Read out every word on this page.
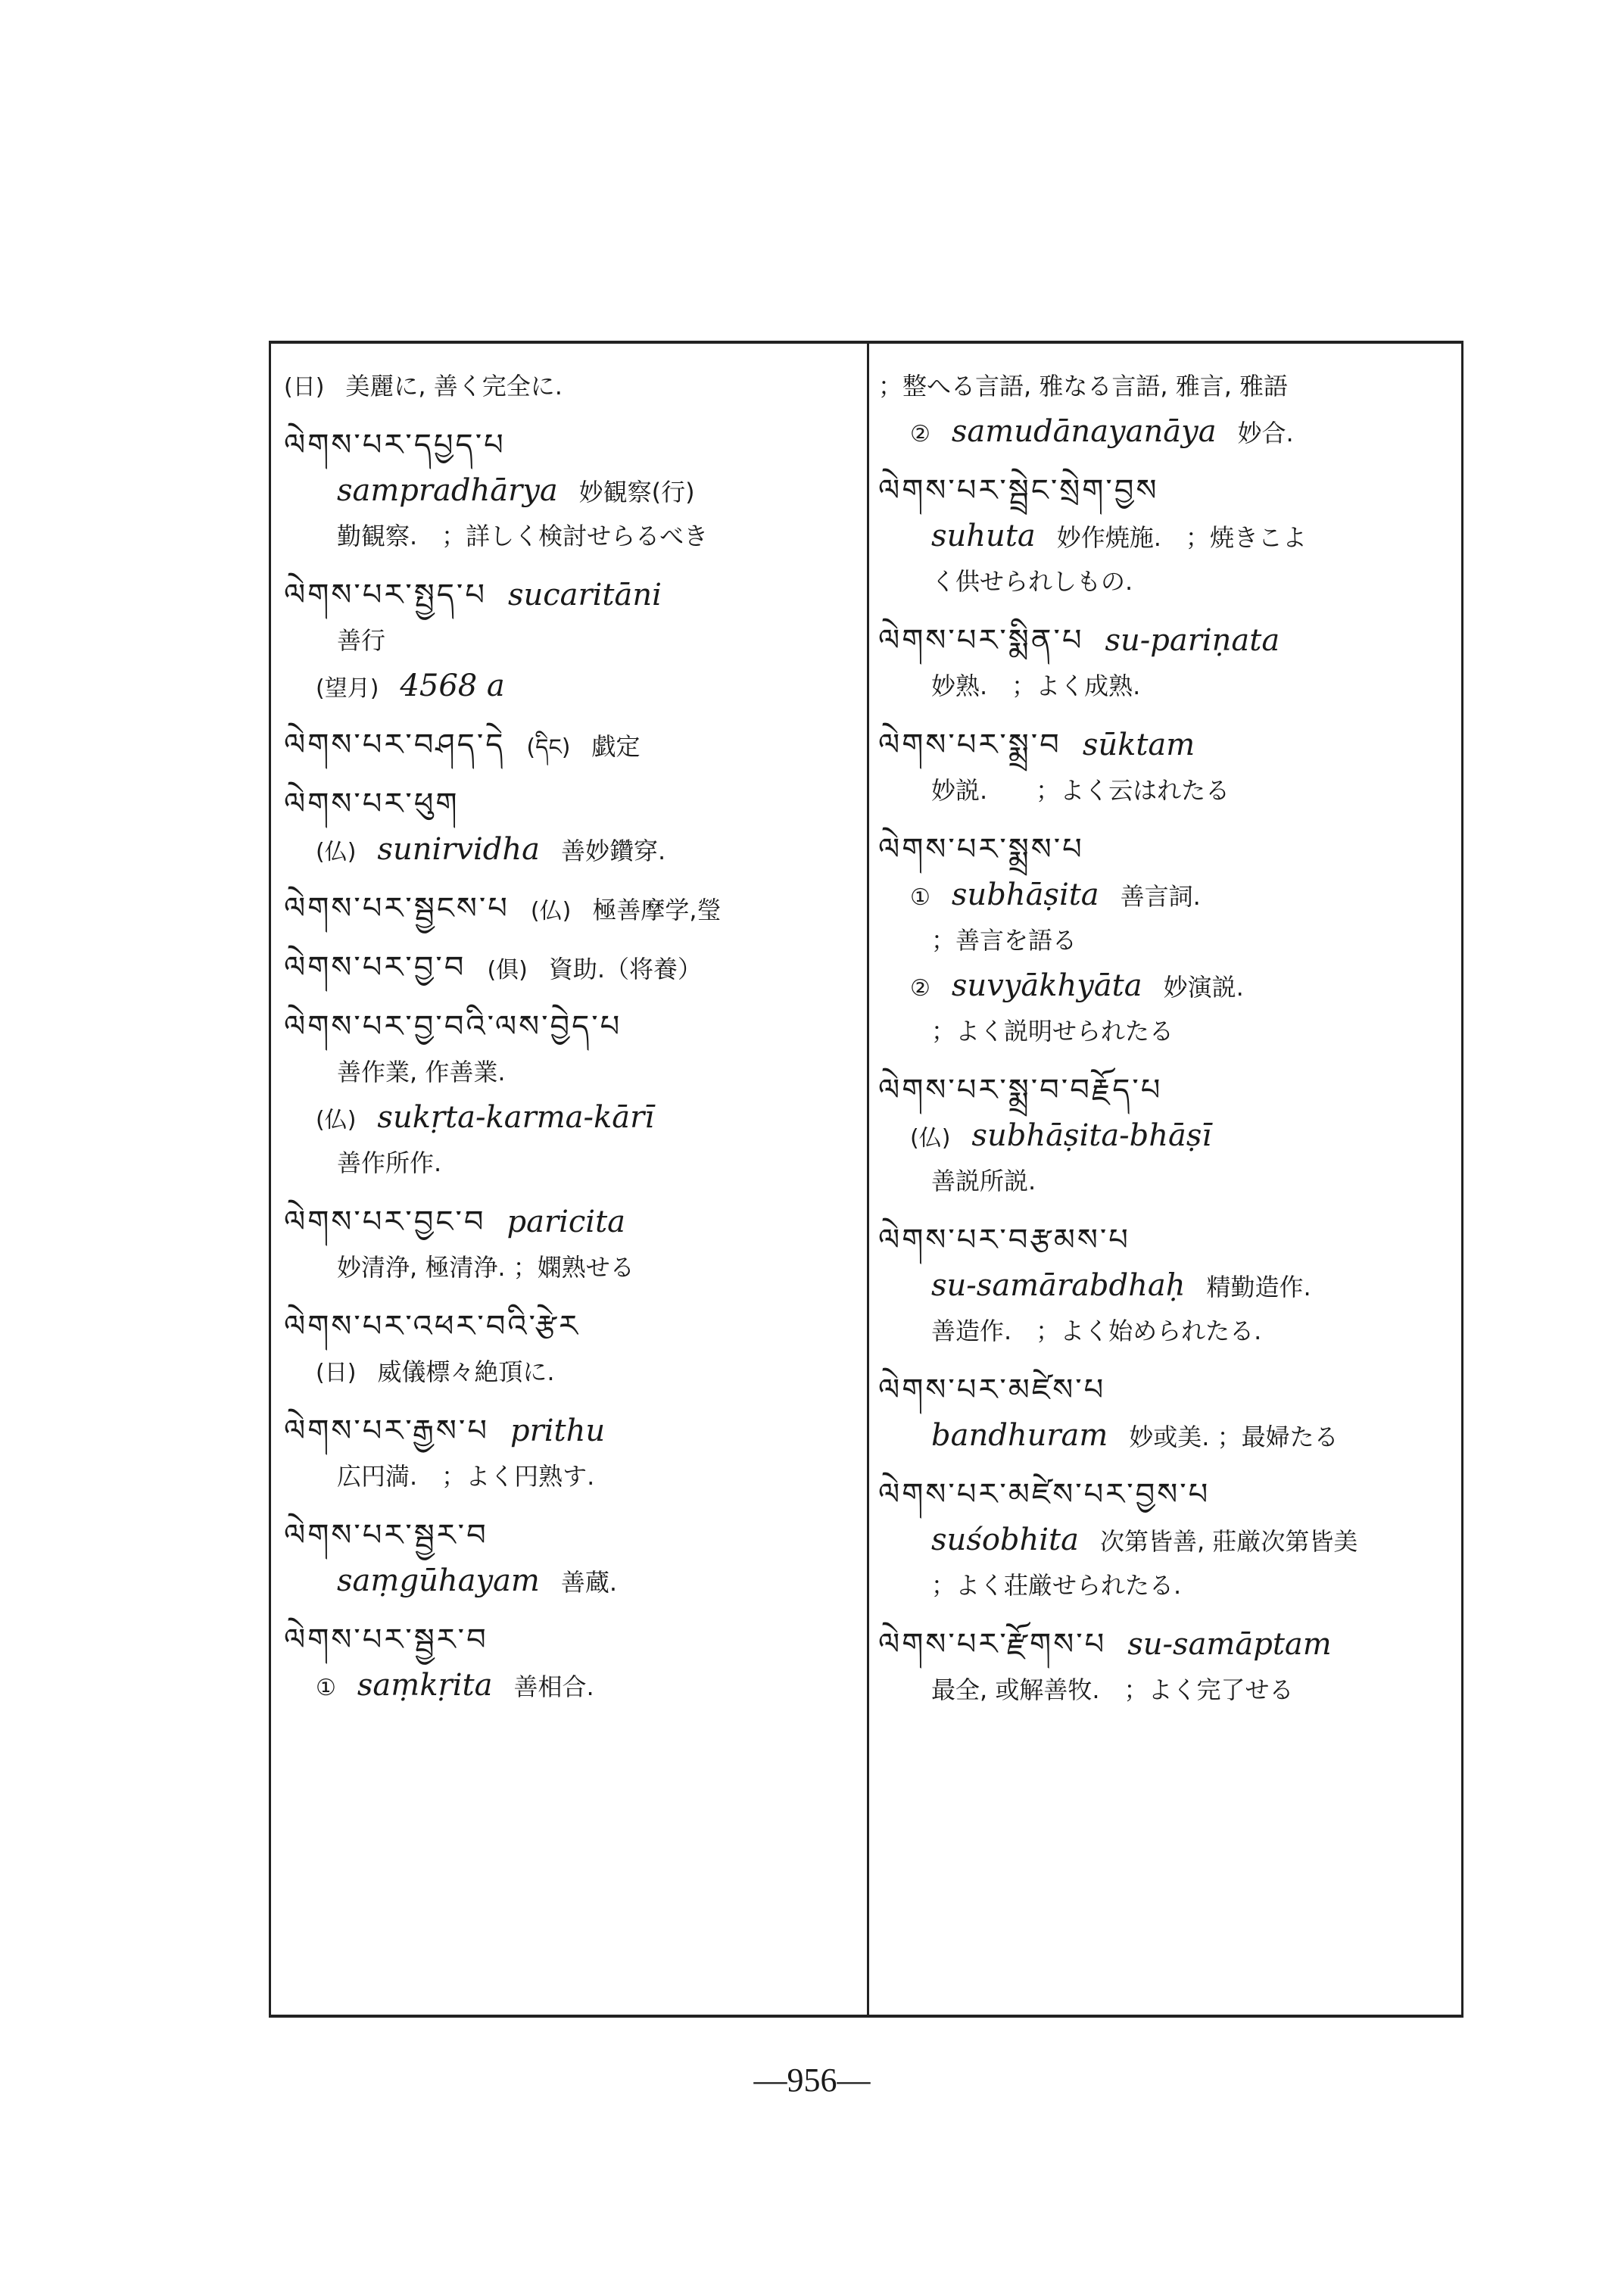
(日) 美麗に, 善く完全に.
ལེགས་པར་དཔྱད་པ
sampradhārya 妙観察(行)
勤観察.　；詳しく検討せらるべき
ལེགས་པར་སྤྱད་པ sucaritāni
善行
(望月) 4568 a
ལེགས་པར་བཤད་དེ (དིང) 戯定
ལེགས་པར་ཕུག
(仏) sunirvidha 善妙鑽穿.
ལེགས་པར་སྦྱངས་པ (仏) 極善摩学,瑩
ལེགས་པར་བྱ་བ (俱) 資助.（将養）
ལེགས་པར་བྱ་བའི་ལས་བྱེད་པ
善作業, 作善業.
(仏) sukṛta-karma-kārī
善作所作.
ལེགས་པར་བྱང་བ paricita
妙清浄, 極清浄. ；嫻熟せる
ལེགས་པར་འཕར་བའི་རྩེར
(日) 威儀標々絶頂に.
ལེགས་པར་རྒྱས་པ prithu
広円満.　；よく円熟す.
ལེགས་པར་སྦྱར་བ
saṃgūhayam 善蔵.
ལེགས་པར་སྦྱར་བ
① saṃkṛita 善相合.
；整へる言語, 雅なる言語, 雅言, 雅語
② samudānayanāya 妙合.
ལེགས་པར་སྦྲེང་སྲེག་བྱས
suhuta 妙作焼施.　；焼きこよ
く供せられしもの.
ལེགས་པར་སྨིན་པ su-pariṇata
妙熟.　；よく成熟.
ལེགས་པར་སྨྲ་བ sūktam
妙説.　　；よく云はれたる
ལེགས་པར་སྨྲས་པ
① subhāṣita 善言詞.
；善言を語る
② suvyākhyāta 妙演説.
；よく説明せられたる
ལེགས་པར་སྨྲ་བ་བརྗོད་པ
(仏) subhāṣita-bhāṣī
善説所説.
ལེགས་པར་བརྩམས་པ
su-samārabdhaḥ 精勤造作.
善造作.　；よく始められたる.
ལེགས་པར་མཛེས་པ
bandhuram 妙或美. ；最婦たる
ལེགས་པར་མཛེས་པར་བྱས་པ
suśobhita 次第皆善, 莊厳次第皆美
；よく荘厳せられたる.
ལེགས་པར་རྫོགས་པ su-samāptam
最全, 或解善牧.　；よく完了せる
—956—
